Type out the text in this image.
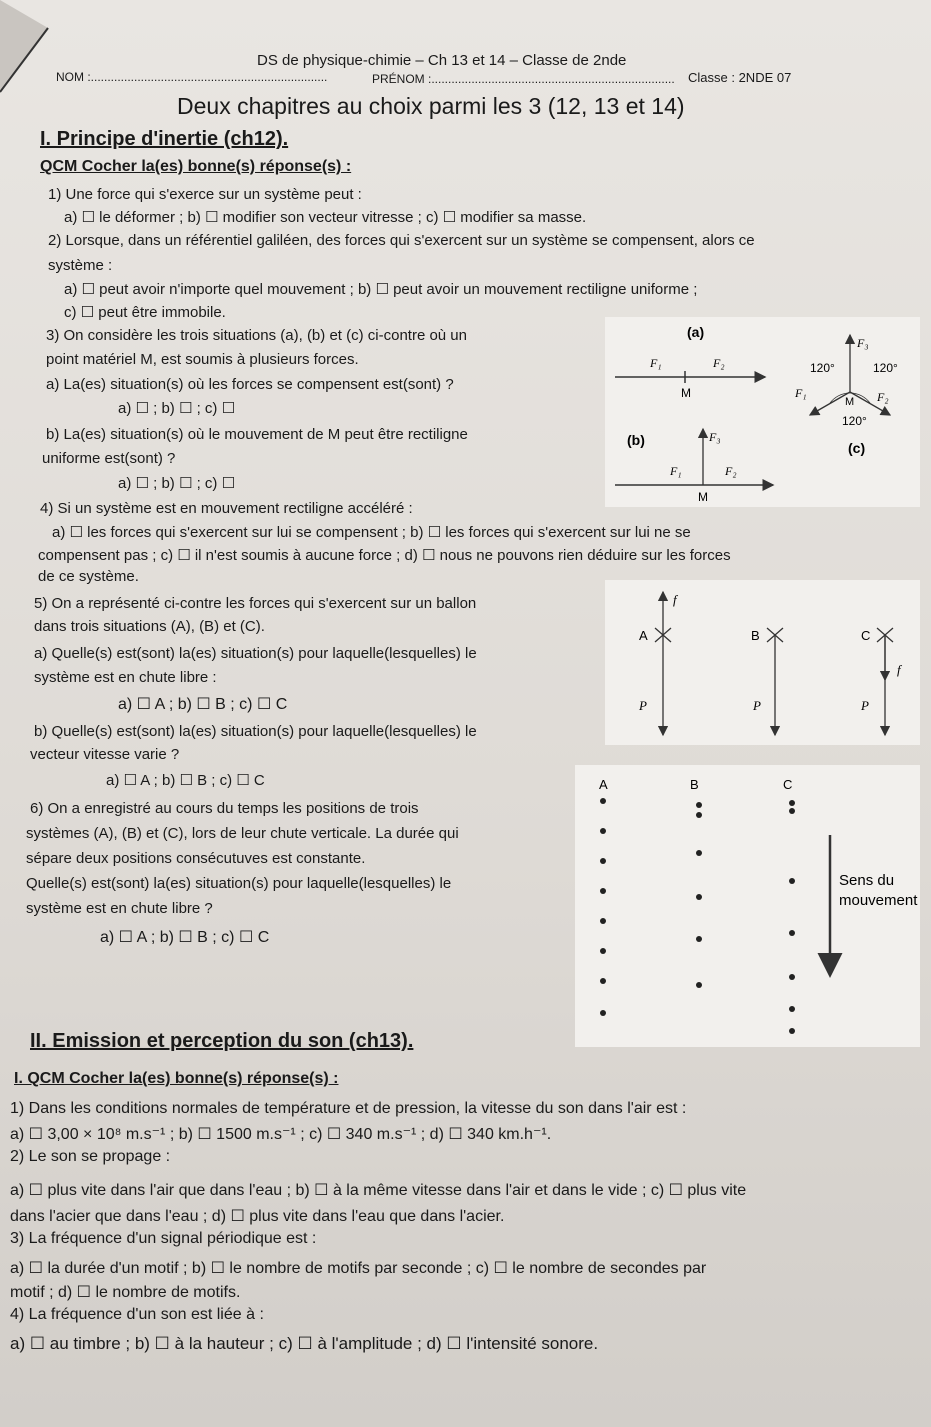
DS de physique-chimie – Ch 13 et 14 – Classe de 2nde
NOM :.......................................................................	PRÉNOM :......................................................................... Classe : 2NDE 07
Deux chapitres au choix parmi les 3 (12, 13 et 14)
I. Principe d'inertie (ch12).
QCM Cocher la(es) bonne(s) réponse(s) :
1) Une force qui s'exerce sur un système peut :
a) ☐ le déformer ; b) ☐ modifier son vecteur vitresse ; c) ☐ modifier sa masse.
2) Lorsque, dans un référentiel galiléen, des forces qui s'exercent sur un système se compensent, alors ce
système :
a) ☐ peut avoir n'importe quel mouvement ; b) ☐ peut avoir un mouvement rectiligne uniforme ;
c) ☐ peut être immobile.
3) On considère les trois situations (a), (b) et (c) ci-contre où un
point matériel M, est soumis à plusieurs forces.
a) La(es) situation(s) où les forces se compensent est(sont) ?
a) ☐ ; b) ☐ ; c) ☐
b) La(es) situation(s) où le mouvement de M peut être rectiligne
uniforme est(sont) ?
a) ☐ ; b) ☐ ; c) ☐
4) Si un système est en mouvement rectiligne accéléré :
a) ☐ les forces qui s'exercent sur lui se compensent ; b) ☐ les forces qui s'exercent sur lui ne se
compensent pas ; c) ☐ il n'est soumis à aucune force ; d) ☐ nous ne pouvons rien déduire sur les forces
de ce système.
5) On a représenté ci-contre les forces qui s'exercent sur un ballon
dans trois situations (A), (B) et (C).
a) Quelle(s) est(sont) la(es) situation(s) pour laquelle(lesquelles) le
système est en chute libre :
a) ☐ A ; b) ☐ B ; c) ☐ C
b) Quelle(s) est(sont) la(es) situation(s) pour laquelle(lesquelles) le
vecteur vitesse varie ?
a) ☐ A ; b) ☐ B ; c) ☐ C
6) On a enregistré au cours du temps les positions de trois
systèmes (A), (B) et (C), lors de leur chute verticale. La durée qui
sépare deux positions consécutuves est constante.
Quelle(s) est(sont) la(es) situation(s) pour laquelle(lesquelles) le
système est en chute libre ?
a) ☐ A ; b) ☐ B ; c) ☐ C
(a)
F₁	F₂
M
F₃
120°	120°
F₁	F₂
M
120°
(c)
(b)	F₃
F₁	F₂
M
f
A
P
B
P
C
f
P
A	B	C
Sens du
mouvement
II. Emission et perception du son (ch13).
I. QCM Cocher la(es) bonne(s) réponse(s) :
1) Dans les conditions normales de température et de pression, la vitesse du son dans l'air est :
a) ☐ 3,00 × 10⁸ m.s⁻¹ ; b) ☐ 1500 m.s⁻¹ ; c) ☐ 340 m.s⁻¹ ; d) ☐ 340 km.h⁻¹.
2) Le son se propage :
a) ☐ plus vite dans l'air que dans l'eau ; b) ☐ à la même vitesse dans l'air et dans le vide ; c) ☐ plus vite
dans l'acier que dans l'eau ; d) ☐ plus vite dans l'eau que dans l'acier.
3) La fréquence d'un signal périodique est :
a) ☐ la durée d'un motif ; b) ☐ le nombre de motifs par seconde ; c) ☐ le nombre de secondes par
motif ; d) ☐ le nombre de motifs.
4) La fréquence d'un son est liée à :
a) ☐ au timbre ; b) ☐ à la hauteur ; c) ☐ à l'amplitude ; d) ☐ l'intensité sonore.
